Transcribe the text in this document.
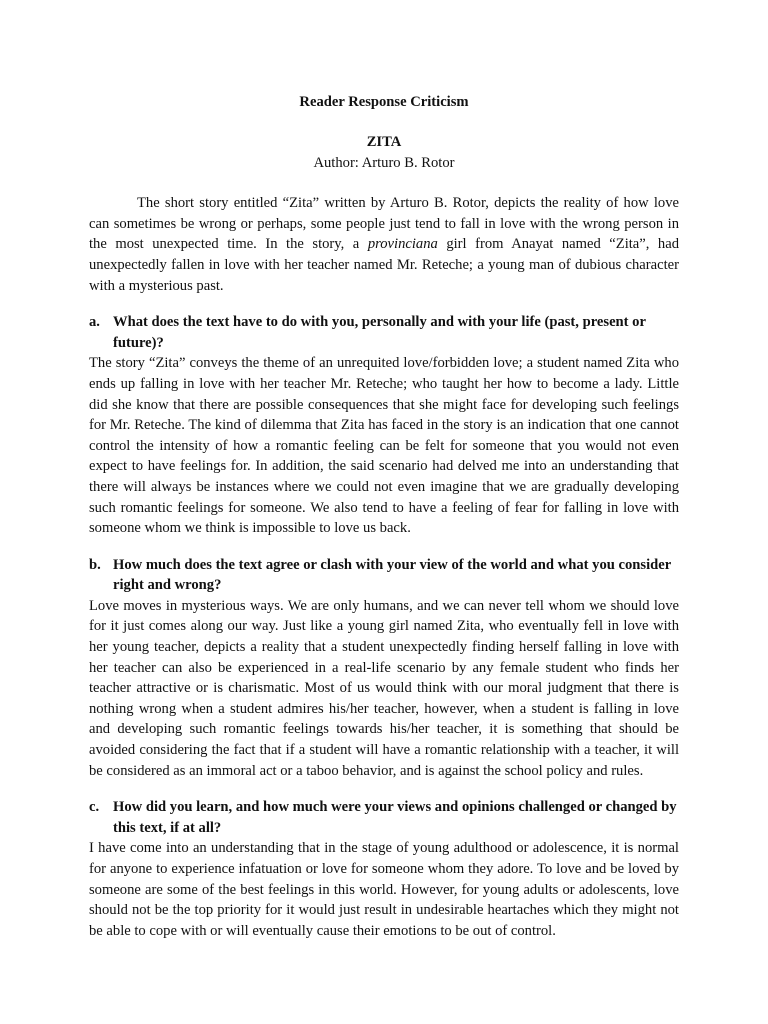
Reader Response Criticism

ZITA

Author: Arturo B. Rotor

The short story entitled “Zita” written by Arturo B. Rotor, depicts the reality of how love can sometimes be wrong or perhaps, some people just tend to fall in love with the wrong person in the most unexpected time. In the story, a provinciana girl from Anayat named “Zita”, had unexpectedly fallen in love with her teacher named Mr. Reteche; a young man of dubious character with a mysterious past.

a. What does the text have to do with you, personally and with your life (past, present or future)?

The story “Zita” conveys the theme of an unrequited love/forbidden love; a student named Zita who ends up falling in love with her teacher Mr. Reteche; who taught her how to become a lady. Little did she know that there are possible consequences that she might face for developing such feelings for Mr. Reteche. The kind of dilemma that Zita has faced in the story is an indication that one cannot control the intensity of how a romantic feeling can be felt for someone that you would not even expect to have feelings for. In addition, the said scenario had delved me into an understanding that there will always be instances where we could not even imagine that we are gradually developing such romantic feelings for someone. We also tend to have a feeling of fear for falling in love with someone whom we think is impossible to love us back.

b. How much does the text agree or clash with your view of the world and what you consider right and wrong?

Love moves in mysterious ways. We are only humans, and we can never tell whom we should love for it just comes along our way. Just like a young girl named Zita, who eventually fell in love with her young teacher, depicts a reality that a student unexpectedly finding herself falling in love with her teacher can also be experienced in a real-life scenario by any female student who finds her teacher attractive or is charismatic. Most of us would think with our moral judgment that there is nothing wrong when a student admires his/her teacher, however, when a student is falling in love and developing such romantic feelings towards his/her teacher, it is something that should be avoided considering the fact that if a student will have a romantic relationship with a teacher, it will be considered as an immoral act or a taboo behavior, and is against the school policy and rules.

c. How did you learn, and how much were your views and opinions challenged or changed by this text, if at all?

I have come into an understanding that in the stage of young adulthood or adolescence, it is normal for anyone to experience infatuation or love for someone whom they adore. To love and be loved by someone are some of the best feelings in this world. However, for young adults or adolescents, love should not be the top priority for it would just result in undesirable heartaches which they might not be able to cope with or will eventually cause their emotions to be out of control.
